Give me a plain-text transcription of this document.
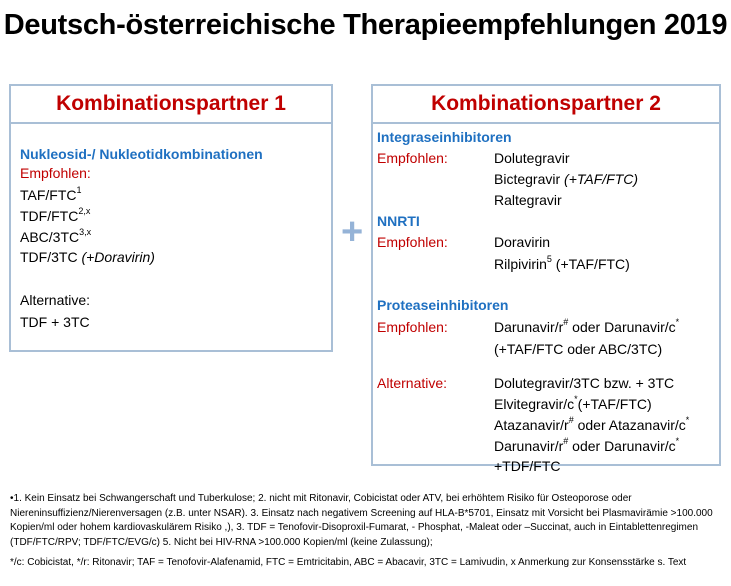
Deutsch-österreichische Therapieempfehlungen 2019
Kombinationspartner 1
Nukleosid-/ Nukleotidkombinationen
Empfohlen:
TAF/FTC$^1$
TDF/FTC$^{2,x}$
ABC/3TC$^{3,x}$
TDF/3TC (+Doravirin)
Alternative:
TDF + 3TC
+
Kombinationspartner 2
Integraseinhibitoren
Empfohlen:	Dolutegravir
Bictegravir (+TAF/FTC)
Raltegravir
NNRTI
Empfohlen:	Doravirin
Rilpivirin$^5$ (+TAF/FTC)
Proteaseinhibitoren
Empfohlen:	Darunavir/r# oder Darunavir/c*
(+TAF/FTC oder ABC/3TC)
Alternative:	Dolutegravir/3TC bzw. + 3TC
Elvitegravir/c*(+TAF/FTC)
Atazanavir/r# oder Atazanavir/c*
Darunavir/r# oder Darunavir/c*
+TDF/FTC
•1. Kein Einsatz bei Schwangerschaft und Tuberkulose; 2. nicht mit Ritonavir, Cobicistat oder ATV, bei erhöhtem Risiko für Osteoporose oder Niereninsuffizienz/Nierenversagen (z.B. unter NSAR). 3. Einsatz nach negativem Screening auf HLA-B*5701, Einsatz mit Vorsicht bei Plasmavirämie >100.000 Kopien/ml oder hohem kardiovaskulärem Risiko ,), 3. TDF = Tenofovir-Disoproxil-Fumarat, - Phosphat, -Maleat oder –Succinat, auch in Eintablettenregimen (TDF/FTC/RPV; TDF/FTC/EVG/c) 5. Nicht bei HIV-RNA >100.000 Kopien/ml (keine Zulassung);
*/c: Cobicistat, */r: Ritonavir; TAF = Tenofovir-Alafenamid, FTC = Emtricitabin, ABC = Abacavir, 3TC = Lamivudin, x Anmerkung zur Konsensstärke s. Text
